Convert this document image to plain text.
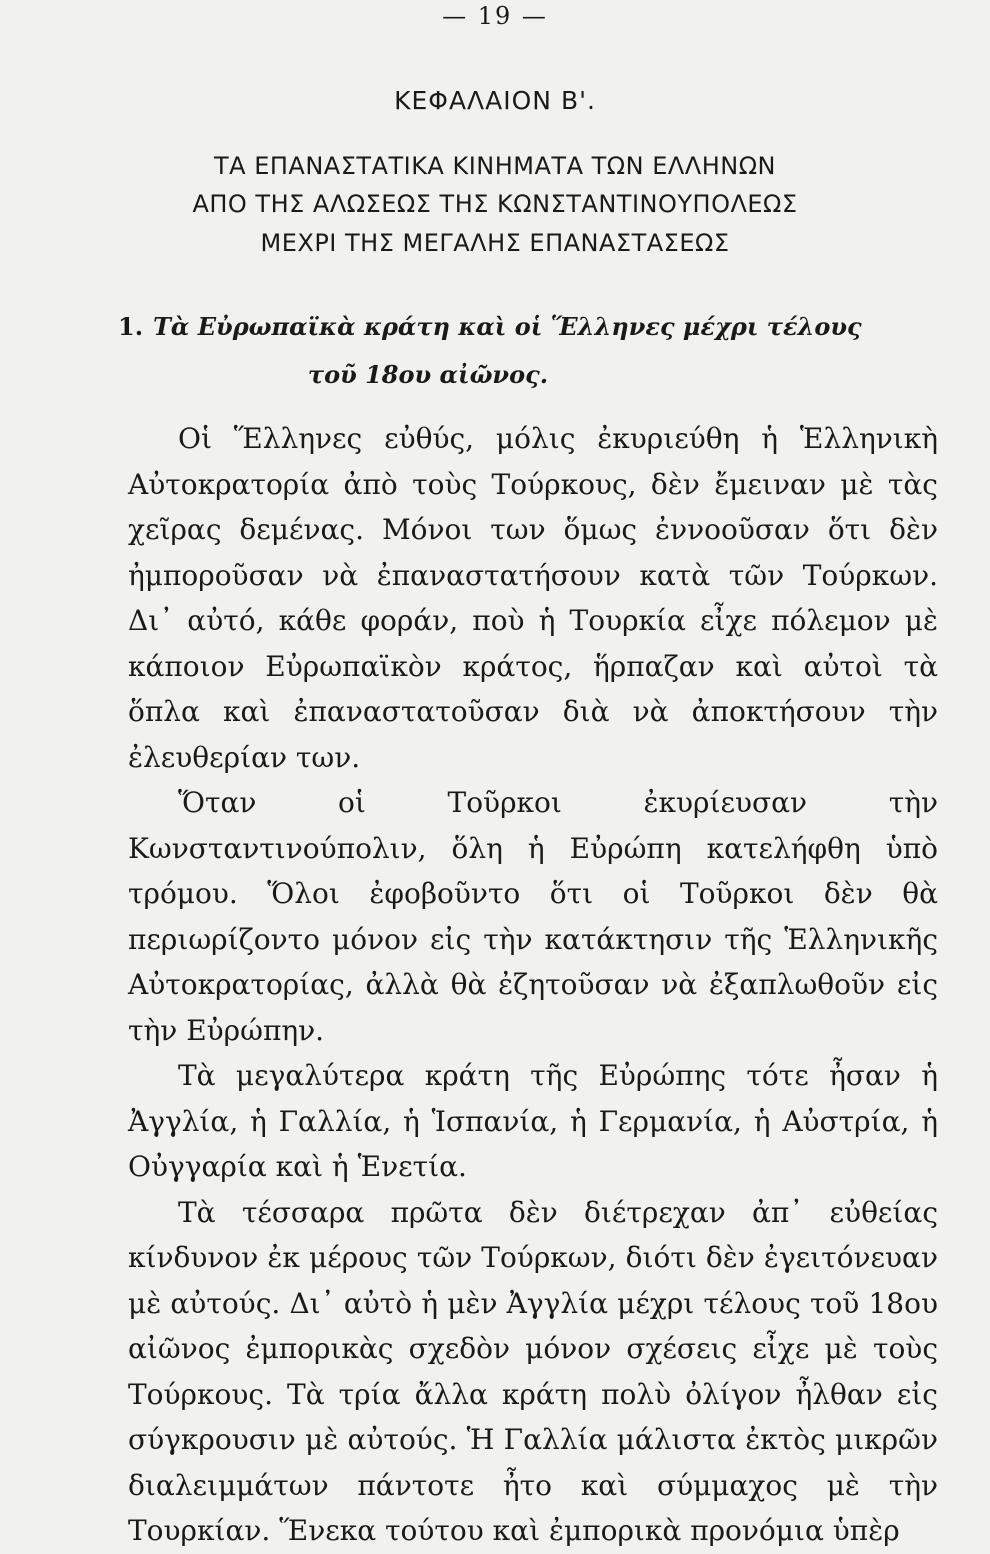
— 19 —
ΚΕΦΑΛΑΙΟΝ Β'.
ΤΑ ΕΠΑΝΑΣΤΑΤΙΚΑ ΚΙΝΗΜΑΤΑ ΤΩΝ ΕΛΛΗΝΩΝ
ΑΠΟ ΤΗΣ ΑΛΩΣΕΩΣ ΤΗΣ ΚΩΝΣΤΑΝΤΙΝΟΥΠΟΛΕΩΣ
ΜΕΧΡΙ ΤΗΣ ΜΕΓΑΛΗΣ ΕΠΑΝΑΣΤΑΣΕΩΣ
1. Τὰ Εὐρωπαϊκὰ κράτη καὶ οἱ Ἕλληνες μέχρι τέλους
τοῦ 18ου αἰῶνος.

Οἱ Ἕλληνες εὐθύς, μόλις ἐκυριεύθη ἡ Ἑλληνικὴ Αὐτοκρατορία ἀπὸ τοὺς Τούρκους, δὲν ἔμειναν μὲ τὰς χεῖρας δεμένας. Μόνοι των ὅμως ἐννοοῦσαν ὅτι δὲν ἠμποροῦσαν νὰ ἐπαναστατήσουν κατὰ τῶν Τούρκων. Δι᾽ αὐτό, κάθε φοράν, ποὺ ἡ Τουρκία εἶχε πόλεμον μὲ κάποιον Εὐρωπαϊκὸν κράτος, ἥρπαζαν καὶ αὐτοὶ τὰ ὅπλα καὶ ἐπαναστατοῦσαν διὰ νὰ ἀποκτήσουν τὴν ἐλευθερίαν των.

Ὅταν οἱ Τοῦρκοι ἐκυρίευσαν τὴν Κωνσταντινούπολιν, ὅλη ἡ Εὐρώπη κατελήφθη ὑπὸ τρόμου. Ὅλοι ἐφοβοῦντο ὅτι οἱ Τοῦρκοι δὲν θὰ περιωρίζοντο μόνον εἰς τὴν κατάκτησιν τῆς Ἑλληνικῆς Αὐτοκρατορίας, ἀλλὰ θὰ ἐζητοῦσαν νὰ ἐξαπλωθοῦν εἰς τὴν Εὐρώπην.

Τὰ μεγαλύτερα κράτη τῆς Εὐρώπης τότε ἦσαν ἡ Ἀγγλία, ἡ Γαλλία, ἡ Ἱσπανία, ἡ Γερμανία, ἡ Αὐστρία, ἡ Οὐγγαρία καὶ ἡ Ἑνετία.

Τὰ τέσσαρα πρῶτα δὲν διέτρεχαν ἀπ᾽ εὐθείας κίνδυνον ἐκ μέρους τῶν Τούρκων, διότι δὲν ἐγειτόνευαν μὲ αὐτούς. Δι᾽ αὐτὸ ἡ μὲν Ἀγγλία μέχρι τέλους τοῦ 18ου αἰῶνος ἐμπορικὰς σχεδὸν μόνον σχέσεις εἶχε μὲ τοὺς Τούρκους. Τὰ τρία ἄλλα κράτη πολὺ ὀλίγον ἦλθαν εἰς σύγκρουσιν μὲ αὐτούς. Ἡ Γαλλία μάλιστα ἐκτὸς μικρῶν διαλειμμάτων πάντοτε ἦτο καὶ σύμμαχος μὲ τὴν Τουρκίαν. Ἕνεκα τούτου καὶ ἐμπορικὰ προνόμια ὑπὲρ
